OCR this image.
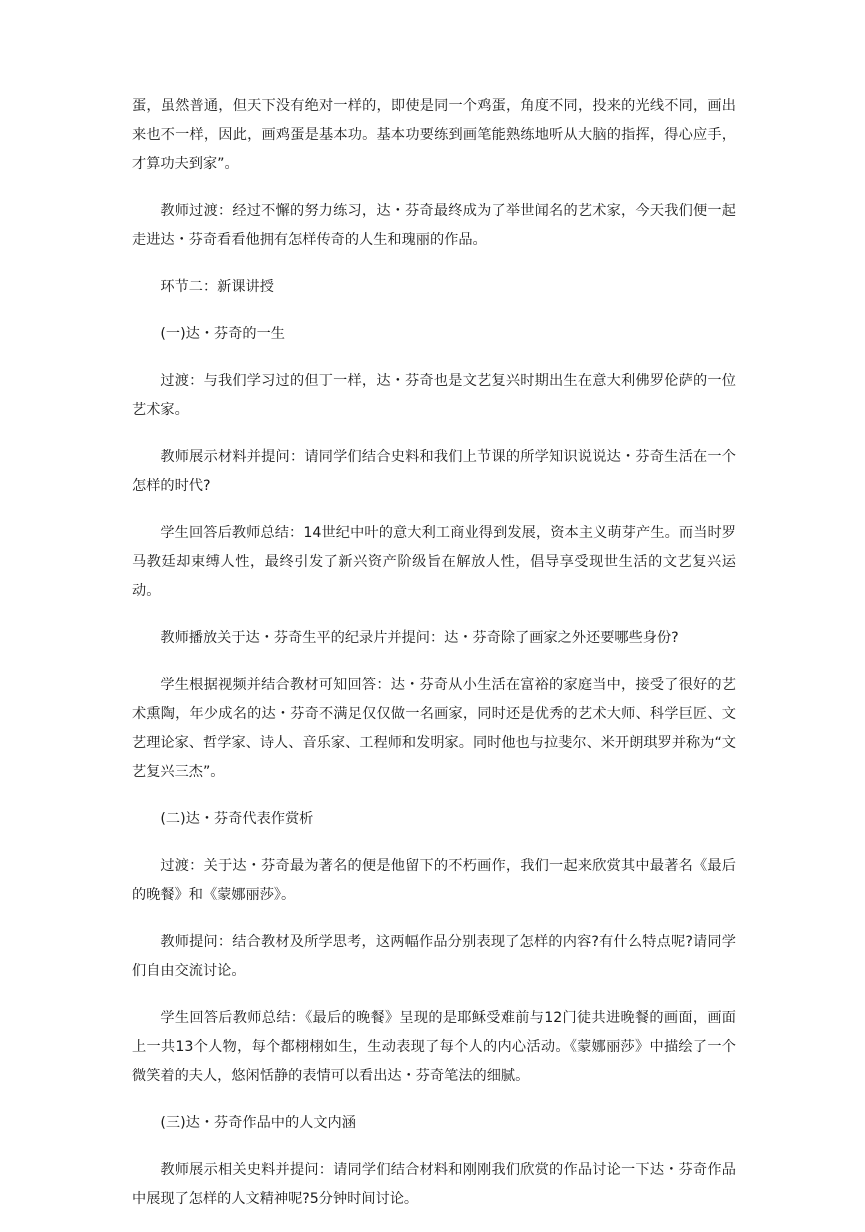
蛋，虽然普通，但天下没有绝对一样的，即使是同一个鸡蛋，角度不同，投来的光线不同，画出来也不一样，因此，画鸡蛋是基本功。基本功要练到画笔能熟练地听从大脑的指挥，得心应手，才算功夫到家”。

教师过渡：经过不懈的努力练习，达・芬奇最终成为了举世闻名的艺术家，今天我们便一起走进达・芬奇看看他拥有怎样传奇的人生和瑰丽的作品。

环节二：新课讲授

(一)达・芬奇的一生

过渡：与我们学习过的但丁一样，达・芬奇也是文艺复兴时期出生在意大利佛罗伦萨的一位艺术家。

教师展示材料并提问：请同学们结合史料和我们上节课的所学知识说说达・芬奇生活在一个怎样的时代?

学生回答后教师总结：14世纪中叶的意大利工商业得到发展，资本主义萌芽产生。而当时罗马教廷却束缚人性，最终引发了新兴资产阶级旨在解放人性，倡导享受现世生活的文艺复兴运动。

教师播放关于达・芬奇生平的纪录片并提问：达・芬奇除了画家之外还要哪些身份?

学生根据视频并结合教材可知回答：达・芬奇从小生活在富裕的家庭当中，接受了很好的艺术熏陶，年少成名的达・芬奇不满足仅仅做一名画家，同时还是优秀的艺术大师、科学巨匠、文艺理论家、哲学家、诗人、音乐家、工程师和发明家。同时他也与拉斐尔、米开朗琪罗并称为“文艺复兴三杰”。

(二)达・芬奇代表作赏析

过渡：关于达・芬奇最为著名的便是他留下的不朽画作，我们一起来欣赏其中最著名《最后的晚餐》和《蒙娜丽莎》。

教师提问：结合教材及所学思考，这两幅作品分别表现了怎样的内容?有什么特点呢?请同学们自由交流讨论。

学生回答后教师总结：《最后的晚餐》呈现的是耶稣受难前与12门徒共进晚餐的画面，画面上一共13个人物，每个都栩栩如生，生动表现了每个人的内心活动。《蒙娜丽莎》中描绘了一个微笑着的夫人，悠闲恬静的表情可以看出达・芬奇笔法的细腻。

(三)达・芬奇作品中的人文内涵

教师展示相关史料并提问：请同学们结合材料和刚刚我们欣赏的作品讨论一下达・芬奇作品中展现了怎样的人文精神呢?5分钟时间讨论。
